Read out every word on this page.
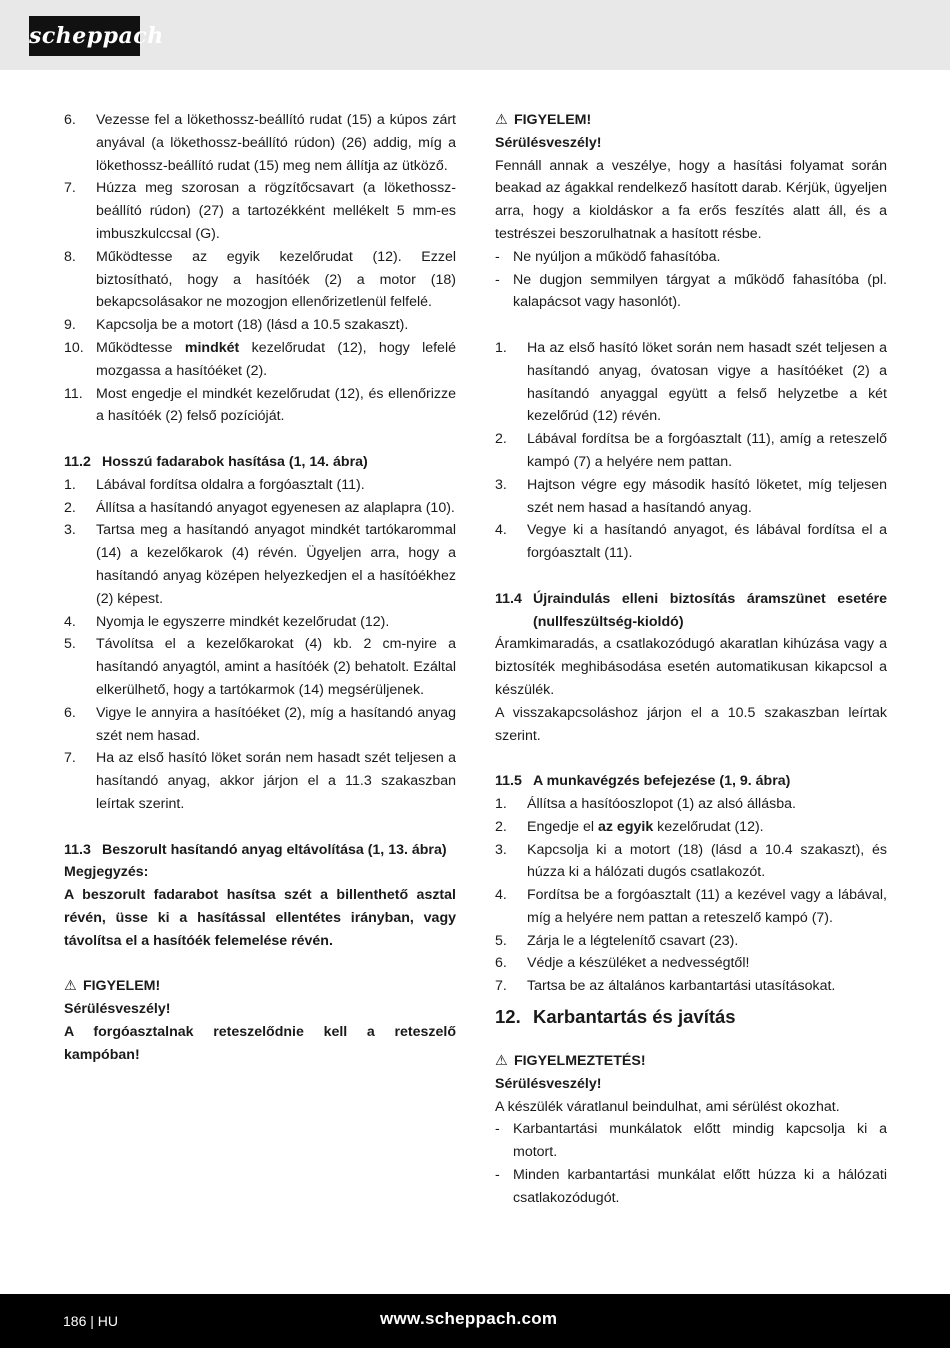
scheppach
6. Vezesse fel a lökethossz-beállító rudat (15) a kúpos zárt anyával (a lökethossz-beállító rúdon) (26) addig, míg a lökethossz-beállító rudat (15) meg nem állítja az ütköző.
7. Húzza meg szorosan a rögzítőcsavart (a lökethossz-beállító rúdon) (27) a tartozékként mellékelt 5 mm-es imbuszkulccsal (G).
8. Működtesse az egyik kezelőrudat (12). Ezzel biztosítható, hogy a hasítóék (2) a motor (18) bekapcsolásakor ne mozogjon ellenőrizetlenül felfelé.
9. Kapcsolja be a motort (18) (lásd a 10.5 szakaszt).
10. Működtesse mindkét kezelőrudat (12), hogy lefelé mozgassa a hasítóéket (2).
11. Most engedje el mindkét kezelőrudat (12), és ellenőrizze a hasítóék (2) felső pozícióját.
11.2 Hosszú fadarabok hasítása (1, 14. ábra)
1. Lábával fordítsa oldalra a forgóasztalt (11).
2. Állítsa a hasítandó anyagot egyenesen az alaplapra (10).
3. Tartsa meg a hasítandó anyagot mindkét tartókarommal (14) a kezelőkarok (4) révén. Ügyeljen arra, hogy a hasítandó anyag középen helyezkedjen el a hasítóékhez (2) képest.
4. Nyomja le egyszerre mindkét kezelőrudat (12).
5. Távolítsa el a kezelőkarokat (4) kb. 2 cm-nyire a hasítandó anyagtól, amint a hasítóék (2) behatolt. Ezáltal elkerülhető, hogy a tartókarmok (14) megsérüljenek.
6. Vigye le annyira a hasítóéket (2), míg a hasítandó anyag szét nem hasad.
7. Ha az első hasító löket során nem hasadt szét teljesen a hasítandó anyag, akkor járjon el a 11.3 szakaszban leírtak szerint.
11.3 Beszorult hasítandó anyag eltávolítása (1, 13. ábra)
Megjegyzés:

A beszorult fadarabot hasítsa szét a billenthető asztal révén, üsse ki a hasítással ellentétes irányban, vagy távolítsa el a hasítóék felemelése révén.

⚠ FIGYELEM!
Sérülésveszély!

A forgóasztalnak reteszelődnie kell a reteszelő kampóban!

⚠ FIGYELEM!
Sérülésveszély!

Fennáll annak a veszélye, hogy a hasítási folyamat során beakad az ágakkal rendelkező hasított darab. Kérjük, ügyeljen arra, hogy a kioldáskor a fa erős feszítés alatt áll, és a testrészei beszorulhatnak a hasított résbe.

- Ne nyúljon a működő fahasítóba.
- Ne dugjon semmilyen tárgyat a működő fahasítóba (pl. kalapácsot vagy hasonlót).
1. Ha az első hasító löket során nem hasadt szét teljesen a hasítandó anyag, óvatosan vigye a hasítóéket (2) a hasítandó anyaggal együtt a felső helyzetbe a két kezelőrúd (12) révén.
2. Lábával fordítsa be a forgóasztalt (11), amíg a reteszelő kampó (7) a helyére nem pattan.
3. Hajtson végre egy második hasító löketet, míg teljesen szét nem hasad a hasítandó anyag.
4. Vegye ki a hasítandó anyagot, és lábával fordítsa el a forgóasztalt (11).
11.4 Újraindulás elleni biztosítás áramszünet esetére (nullfeszültség-kioldó)

Áramkimaradás, a csatlakozódugó akaratlan kihúzása vagy a biztosíték meghibásodása esetén automatikusan kikapcsol a készülék.

A visszakapcsoláshoz járjon el a 10.5 szakaszban leírtak szerint.

11.5 A munkavégzés befejezése (1, 9. ábra)
1. Állítsa a hasítóoszlopot (1) az alsó állásba.
2. Engedje el az egyik kezelőrudat (12).
3. Kapcsolja ki a motort (18) (lásd a 10.4 szakaszt), és húzza ki a hálózati dugós csatlakozót.
4. Fordítsa be a forgóasztalt (11) a kezével vagy a lábával, míg a helyére nem pattan a reteszelő kampó (7).
5. Zárja le a légtelenítő csavart (23).
6. Védje a készüléket a nedvességtől!
7. Tartsa be az általános karbantartási utasításokat.
12. Karbantartás és javítás
⚠ FIGYELMEZTETÉS!
Sérülésveszély!

A készülék váratlanul beindulhat, ami sérülést okozhat.

- Karbantartási munkálatok előtt mindig kapcsolja ki a motort.
- Minden karbantartási munkálat előtt húzza ki a hálózati csatlakozódugót.
186 | HU	www.scheppach.com
